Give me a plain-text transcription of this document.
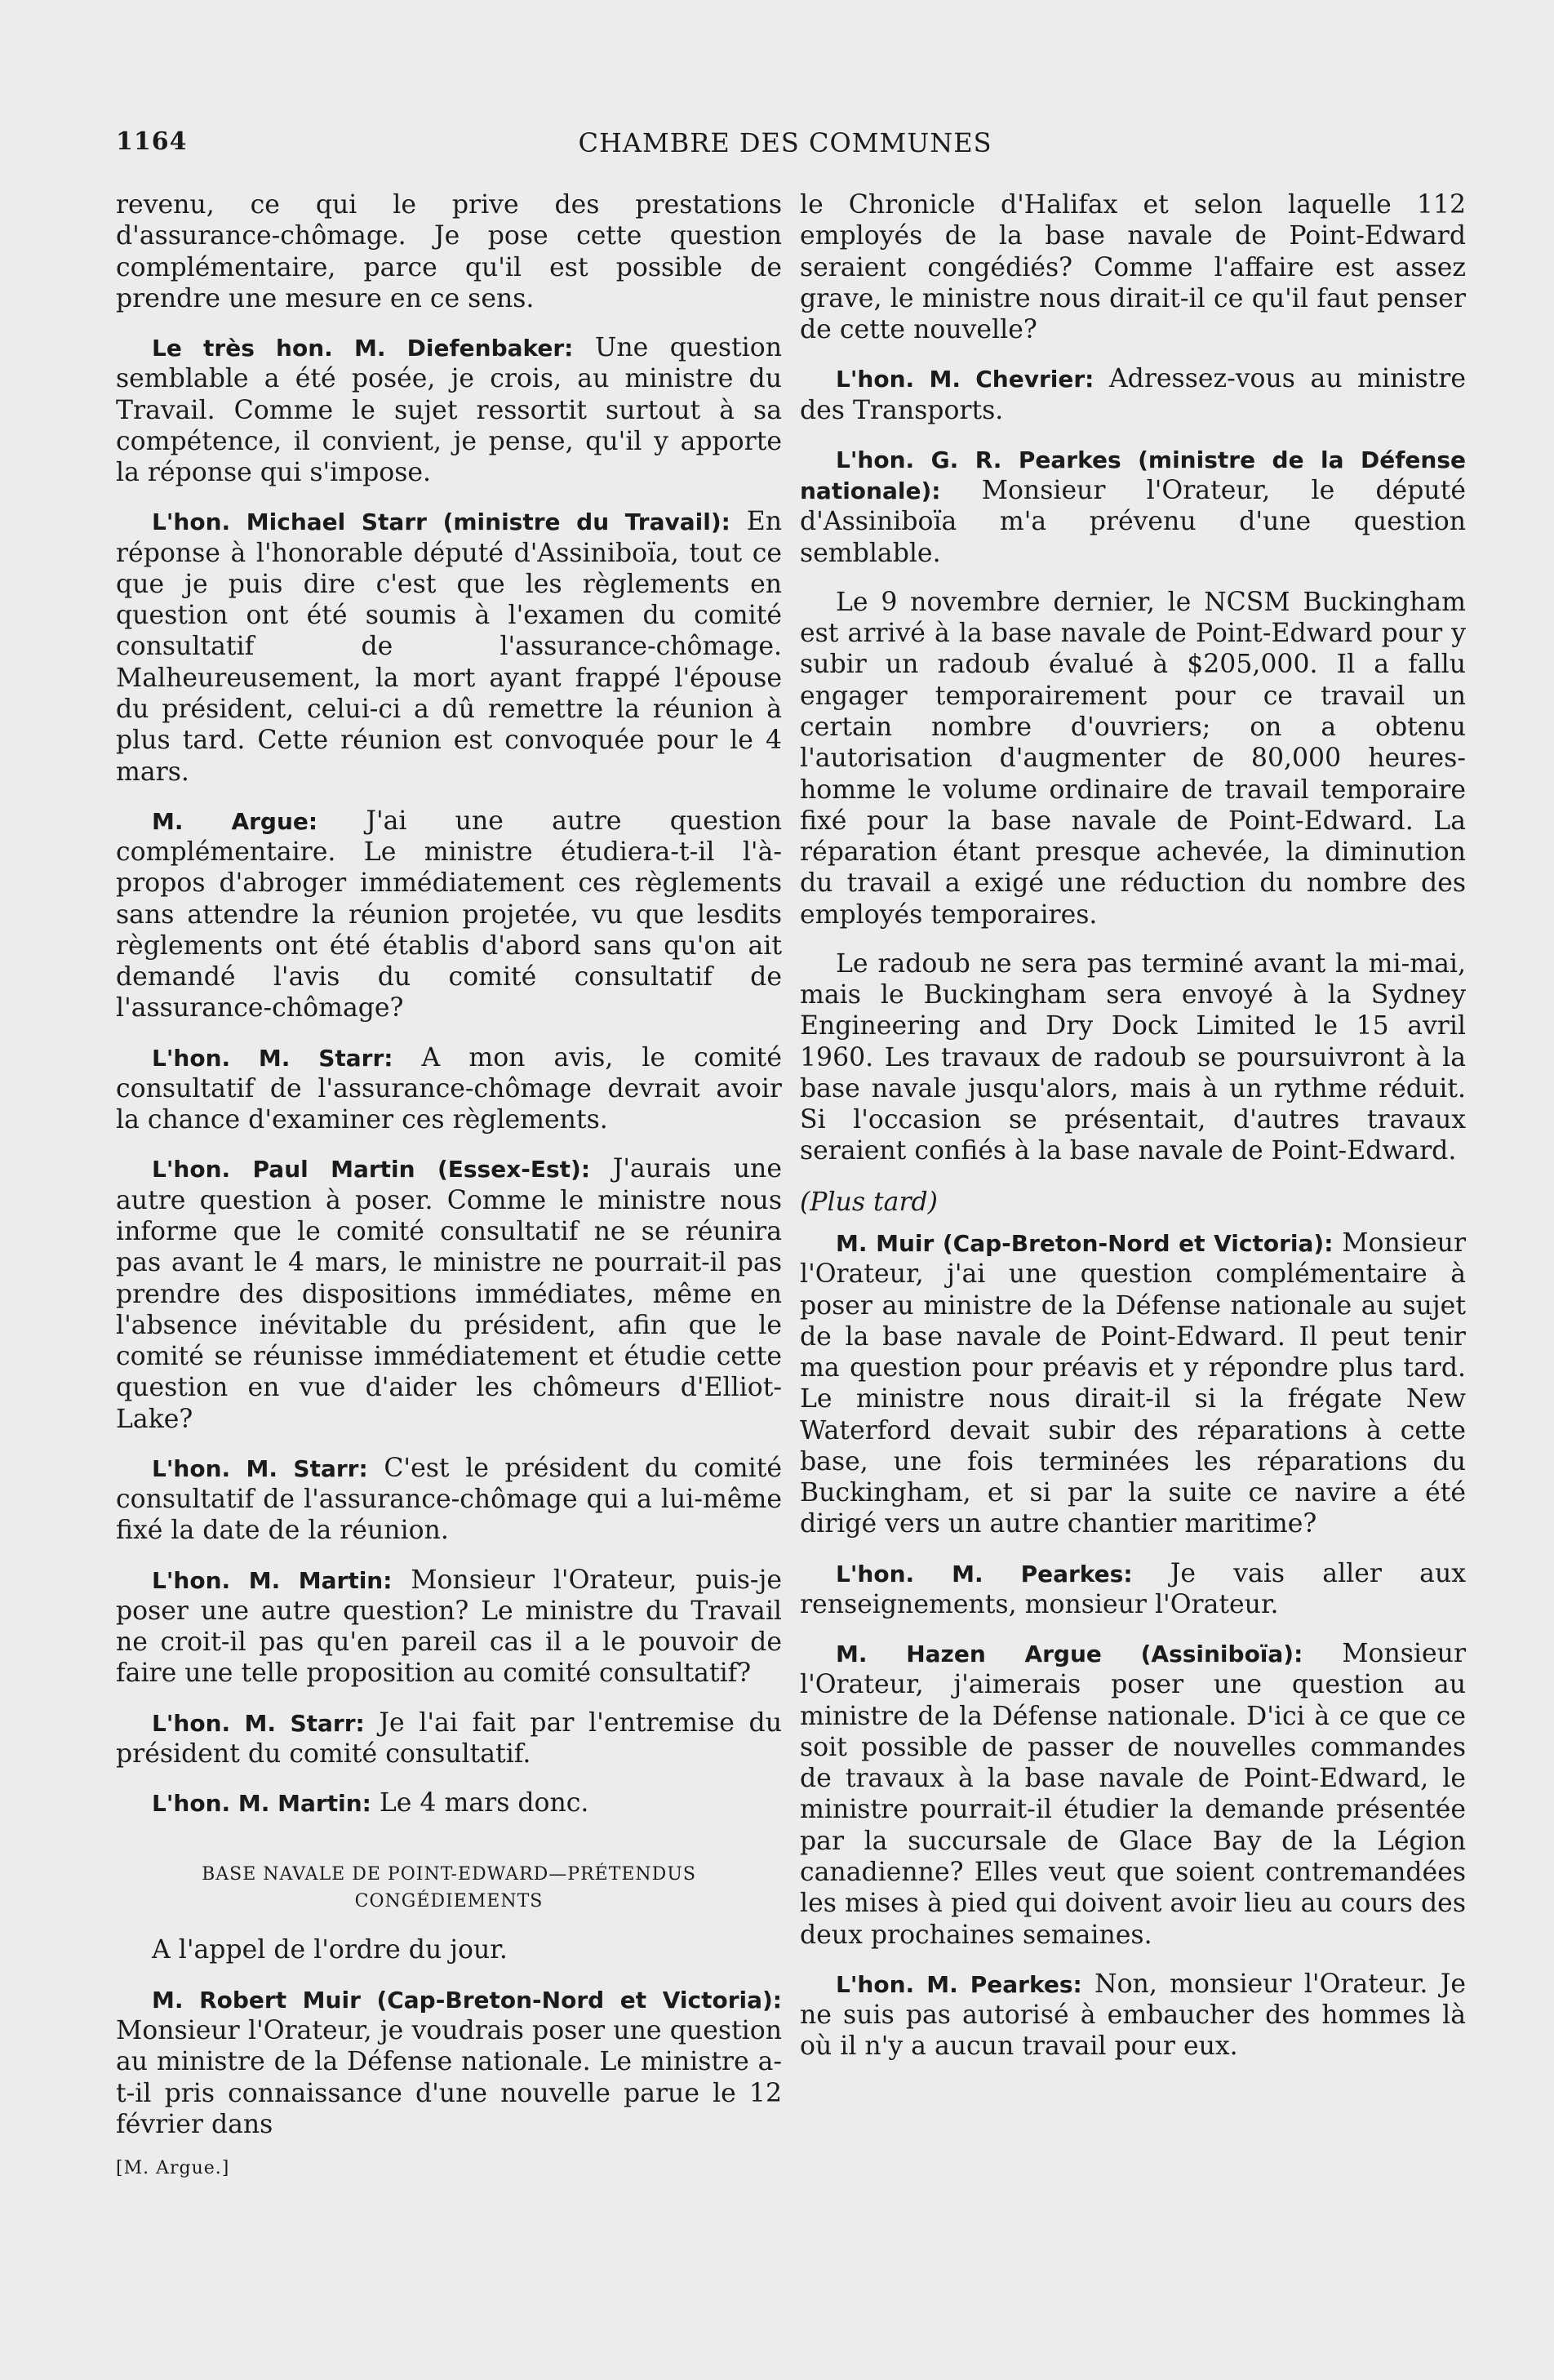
1164	CHAMBRE DES COMMUNES

revenu, ce qui le prive des prestations d'assurance-chômage. Je pose cette question complémentaire, parce qu'il est possible de prendre une mesure en ce sens.

Le très hon. M. Diefenbaker: Une question semblable a été posée, je crois, au ministre du Travail. Comme le sujet ressortit surtout à sa compétence, il convient, je pense, qu'il y apporte la réponse qui s'impose.

L'hon. Michael Starr (ministre du Travail): En réponse à l'honorable député d'Assiniboïa, tout ce que je puis dire c'est que les règlements en question ont été soumis à l'examen du comité consultatif de l'assurance-chômage. Malheureusement, la mort ayant frappé l'épouse du président, celui-ci a dû remettre la réunion à plus tard. Cette réunion est convoquée pour le 4 mars.

M. Argue: J'ai une autre question complémentaire. Le ministre étudiera-t-il l'à-propos d'abroger immédiatement ces règlements sans attendre la réunion projetée, vu que lesdits règlements ont été établis d'abord sans qu'on ait demandé l'avis du comité consultatif de l'assurance-chômage?

L'hon. M. Starr: A mon avis, le comité consultatif de l'assurance-chômage devrait avoir la chance d'examiner ces règlements.

L'hon. Paul Martin (Essex-Est): J'aurais une autre question à poser. Comme le ministre nous informe que le comité consultatif ne se réunira pas avant le 4 mars, le ministre ne pourrait-il pas prendre des dispositions immédiates, même en l'absence inévitable du président, afin que le comité se réunisse immédiatement et étudie cette question en vue d'aider les chômeurs d'Elliot-Lake?

L'hon. M. Starr: C'est le président du comité consultatif de l'assurance-chômage qui a lui-même fixé la date de la réunion.

L'hon. M. Martin: Monsieur l'Orateur, puis-je poser une autre question? Le ministre du Travail ne croit-il pas qu'en pareil cas il a le pouvoir de faire une telle proposition au comité consultatif?

L'hon. M. Starr: Je l'ai fait par l'entremise du président du comité consultatif.

L'hon. M. Martin: Le 4 mars donc.

BASE NAVALE DE POINT-EDWARD—PRÉTENDUS CONGÉDIEMENTS

A l'appel de l'ordre du jour.

M. Robert Muir (Cap-Breton-Nord et Victoria): Monsieur l'Orateur, je voudrais poser une question au ministre de la Défense nationale. Le ministre a-t-il pris connaissance d'une nouvelle parue le 12 février dans

[M. Argue.]

le Chronicle d'Halifax et selon laquelle 112 employés de la base navale de Point-Edward seraient congédiés? Comme l'affaire est assez grave, le ministre nous dirait-il ce qu'il faut penser de cette nouvelle?

L'hon. M. Chevrier: Adressez-vous au ministre des Transports.

L'hon. G. R. Pearkes (ministre de la Défense nationale): Monsieur l'Orateur, le député d'Assiniboïa m'a prévenu d'une question semblable.

Le 9 novembre dernier, le NCSM Buckingham est arrivé à la base navale de Point-Edward pour y subir un radoub évalué à $205,000. Il a fallu engager temporairement pour ce travail un certain nombre d'ouvriers; on a obtenu l'autorisation d'augmenter de 80,000 heures-homme le volume ordinaire de travail temporaire fixé pour la base navale de Point-Edward. La réparation étant presque achevée, la diminution du travail a exigé une réduction du nombre des employés temporaires.

Le radoub ne sera pas terminé avant la mi-mai, mais le Buckingham sera envoyé à la Sydney Engineering and Dry Dock Limited le 15 avril 1960. Les travaux de radoub se poursuivront à la base navale jusqu'alors, mais à un rythme réduit. Si l'occasion se présentait, d'autres travaux seraient confiés à la base navale de Point-Edward.

(Plus tard)

M. Muir (Cap-Breton-Nord et Victoria): Monsieur l'Orateur, j'ai une question complémentaire à poser au ministre de la Défense nationale au sujet de la base navale de Point-Edward. Il peut tenir ma question pour préavis et y répondre plus tard. Le ministre nous dirait-il si la frégate New Waterford devait subir des réparations à cette base, une fois terminées les réparations du Buckingham, et si par la suite ce navire a été dirigé vers un autre chantier maritime?

L'hon. M. Pearkes: Je vais aller aux renseignements, monsieur l'Orateur.

M. Hazen Argue (Assiniboïa): Monsieur l'Orateur, j'aimerais poser une question au ministre de la Défense nationale. D'ici à ce que ce soit possible de passer de nouvelles commandes de travaux à la base navale de Point-Edward, le ministre pourrait-il étudier la demande présentée par la succursale de Glace Bay de la Légion canadienne? Elles veut que soient contremandées les mises à pied qui doivent avoir lieu au cours des deux prochaines semaines.

L'hon. M. Pearkes: Non, monsieur l'Orateur. Je ne suis pas autorisé à embaucher des hommes là où il n'y a aucun travail pour eux.
